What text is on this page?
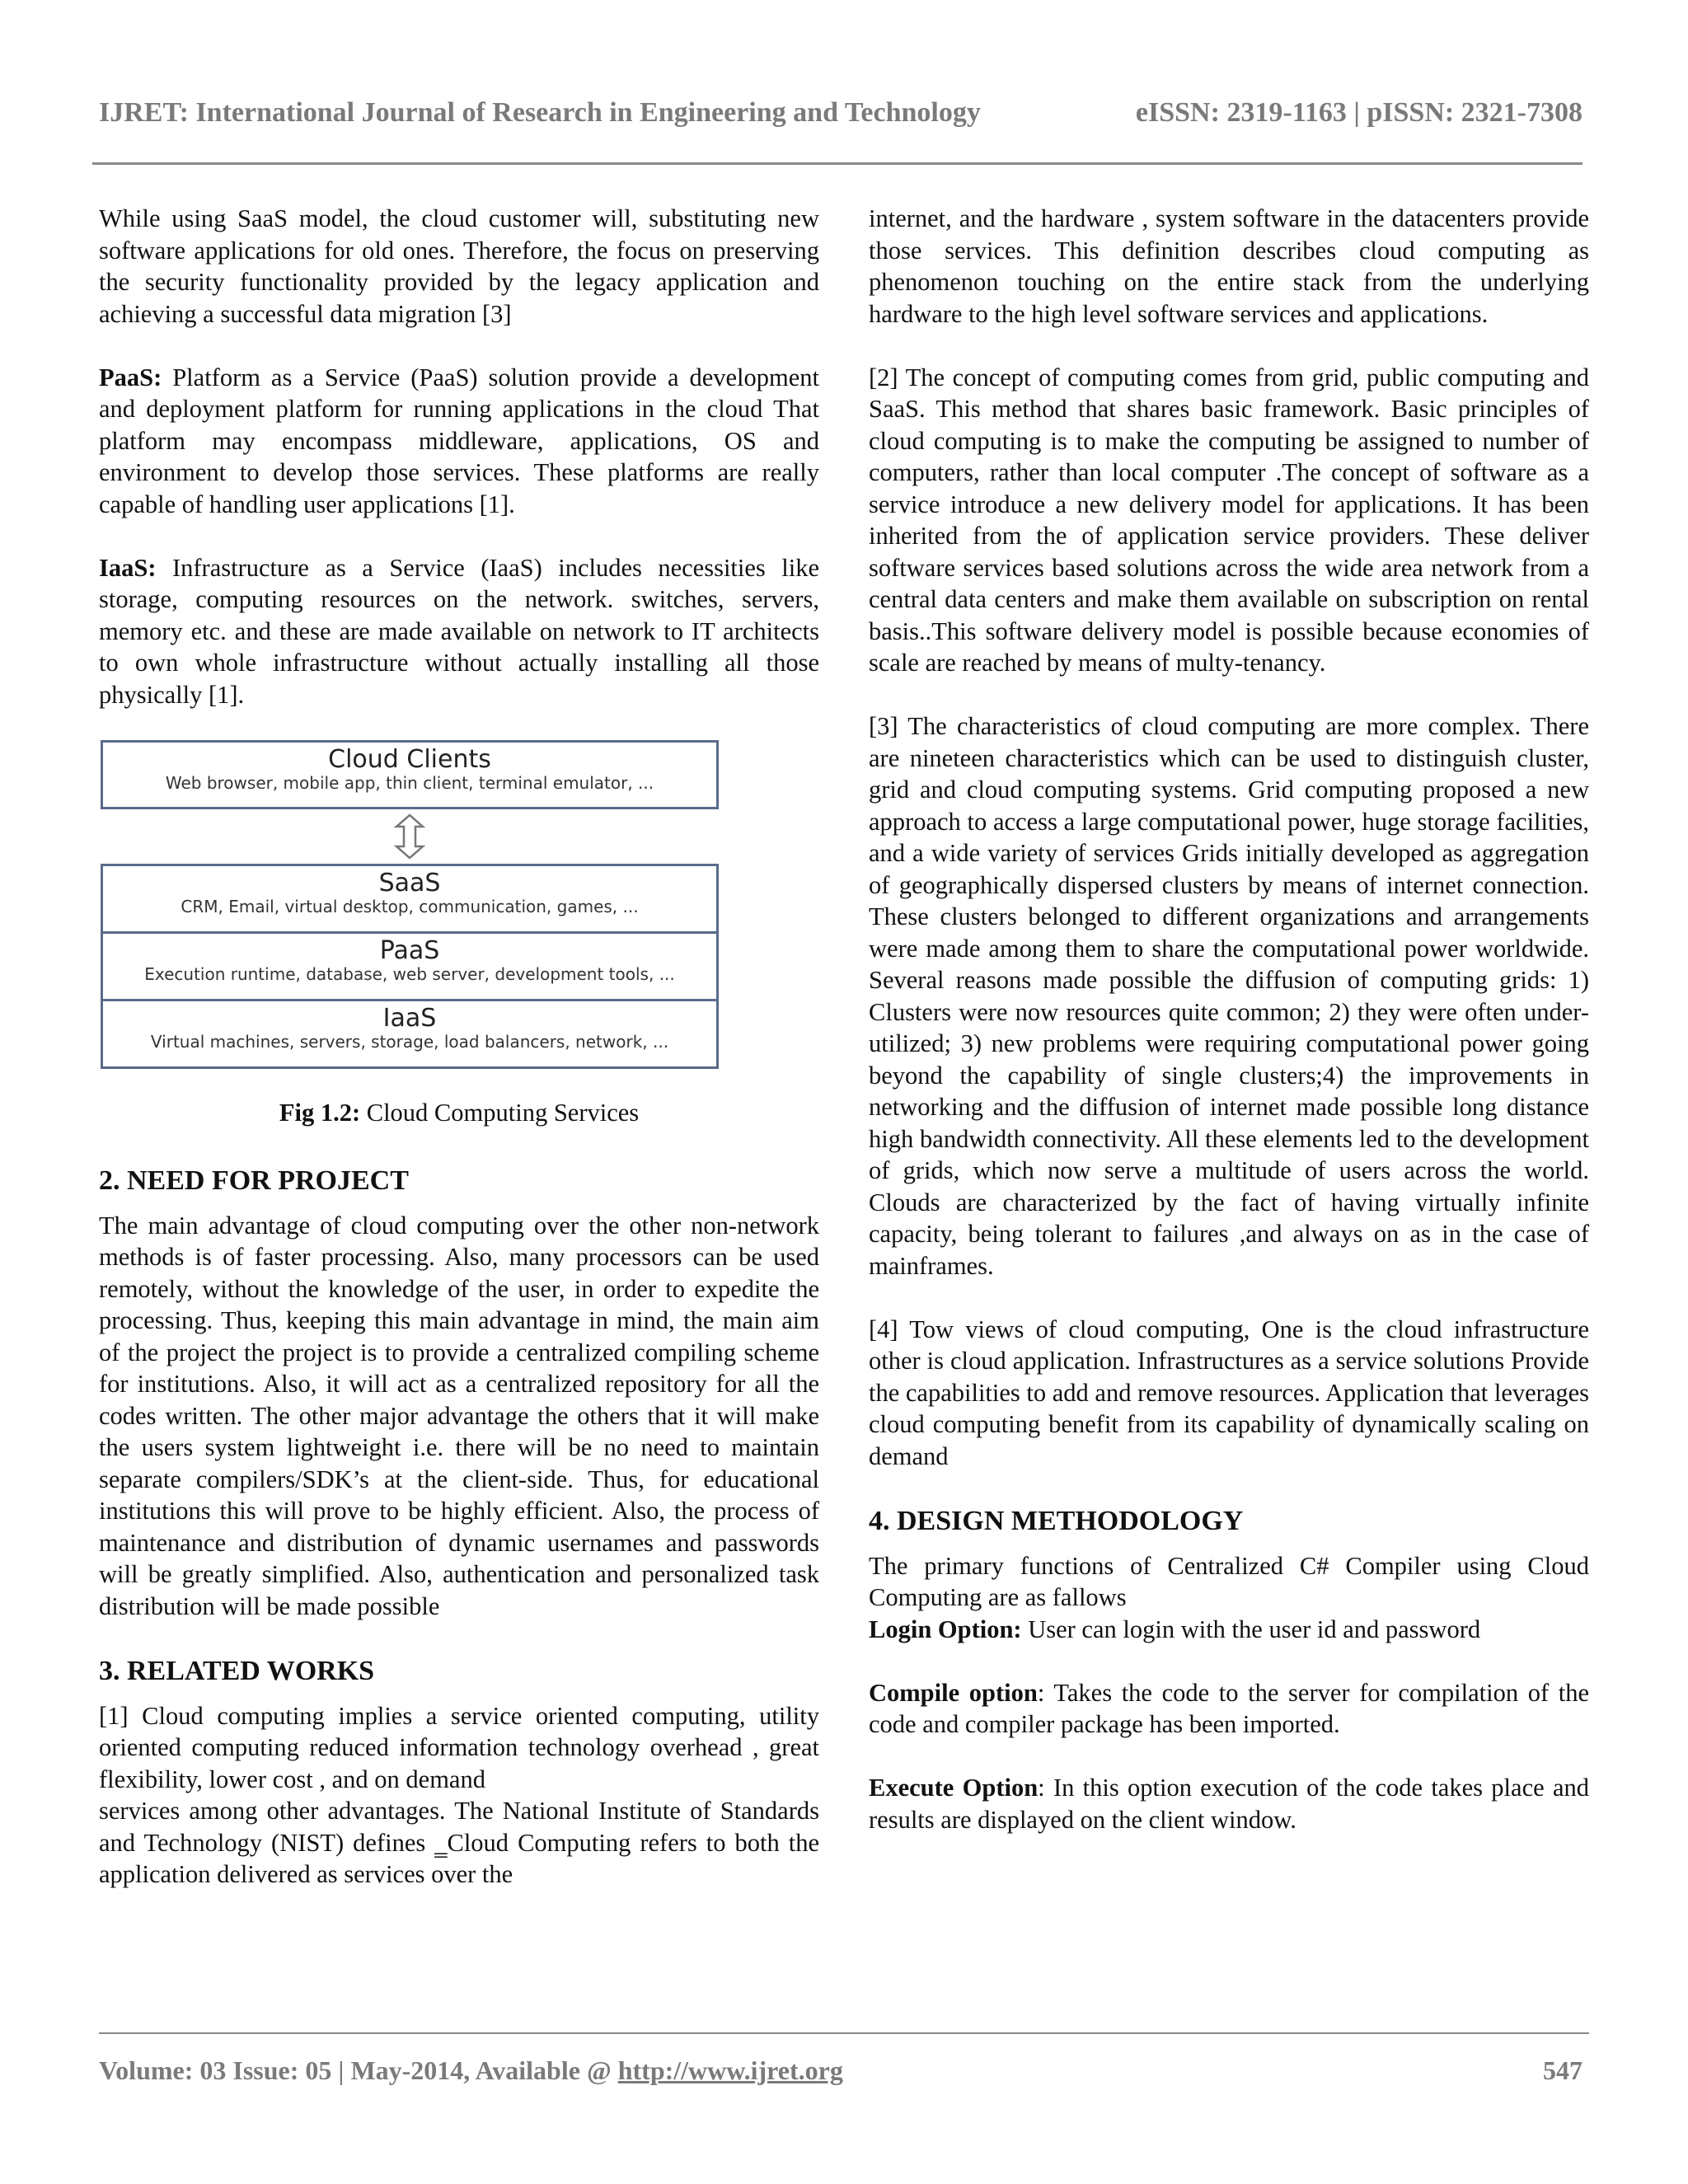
IJRET: International Journal of Research in Engineering and Technology	eISSN: 2319-1163 | pISSN: 2321-7308

While using SaaS model, the cloud customer will, substituting new software applications for old ones. Therefore, the focus on preserving the security functionality provided by the legacy application and achieving a successful data migration [3]

PaaS: Platform as a Service (PaaS) solution provide a development and deployment platform for running applications in the cloud That platform may encompass middleware, applications, OS and environment to develop those services. These platforms are really capable of handling user applications [1].

IaaS: Infrastructure as a Service (IaaS) includes necessities like storage, computing resources on the network. switches, servers, memory etc. and these are made available on network to IT architects to own whole infrastructure without actually installing all those physically [1].

Cloud Clients
Web browser, mobile app, thin client, terminal emulator, ...
SaaS
CRM, Email, virtual desktop, communication, games, ...
PaaS
Execution runtime, database, web server, development tools, ...
IaaS
Virtual machines, servers, storage, load balancers, network, ...
Fig 1.2: Cloud Computing Services
2. NEED FOR PROJECT

The main advantage of cloud computing over the other non-network methods is of faster processing. Also, many processors can be used remotely, without the knowledge of the user, in order to expedite the processing. Thus, keeping this main advantage in mind, the main aim of the project the project is to provide a centralized compiling scheme for institutions. Also, it will act as a centralized repository for all the codes written. The other major advantage the others that it will make the users system lightweight i.e. there will be no need to maintain separate compilers/SDK’s at the client-side. Thus, for educational institutions this will prove to be highly efficient. Also, the process of maintenance and distribution of dynamic usernames and passwords will be greatly simplified. Also, authentication and personalized task distribution will be made possible

3. RELATED WORKS

[1] Cloud computing implies a service oriented computing, utility oriented computing reduced information technology overhead , great flexibility, lower cost , and on demand

services among other advantages. The National Institute of Standards and Technology (NIST) defines ‗Cloud Computing refers to both the application delivered as services over the

internet, and the hardware , system software in the datacenters provide those services. This definition describes cloud computing as phenomenon touching on the entire stack from the underlying hardware to the high level software services and applications.

[2] The concept of computing comes from grid, public computing and SaaS. This method that shares basic framework. Basic principles of cloud computing is to make the computing be assigned to number of computers, rather than local computer .The concept of software as a service introduce a new delivery model for applications. It has been inherited from the of application service providers. These deliver software services based solutions across the wide area network from a central data centers and make them available on subscription on rental basis..This software delivery model is possible because economies of scale are reached by means of multy-tenancy.

[3] The characteristics of cloud computing are more complex. There are nineteen characteristics which can be used to distinguish cluster, grid and cloud computing systems. Grid computing proposed a new approach to access a large computational power, huge storage facilities, and a wide variety of services Grids initially developed as aggregation of geographically dispersed clusters by means of internet connection. These clusters belonged to different organizations and arrangements were made among them to share the computational power worldwide. Several reasons made possible the diffusion of computing grids: 1) Clusters were now resources quite common; 2) they were often under-utilized; 3) new problems were requiring computational power going beyond the capability of single clusters;4) the improvements in networking and the diffusion of internet made possible long distance high bandwidth connectivity. All these elements led to the development of grids, which now serve a multitude of users across the world. Clouds are characterized by the fact of having virtually infinite capacity, being tolerant to failures ,and always on as in the case of mainframes.

[4] Tow views of cloud computing, One is the cloud infrastructure other is cloud application. Infrastructures as a service solutions Provide the capabilities to add and remove resources. Application that leverages cloud computing benefit from its capability of dynamically scaling on demand

4. DESIGN METHODOLOGY

The primary functions of Centralized C# Compiler using Cloud Computing are as fallows

Login Option: User can login with the user id and password

Compile option: Takes the code to the server for compilation of the code and compiler package has been imported.

Execute Option: In this option execution of the code takes place and results are displayed on the client window.

Volume: 03 Issue: 05 | May-2014, Available @ http://www.ijret.org	547
